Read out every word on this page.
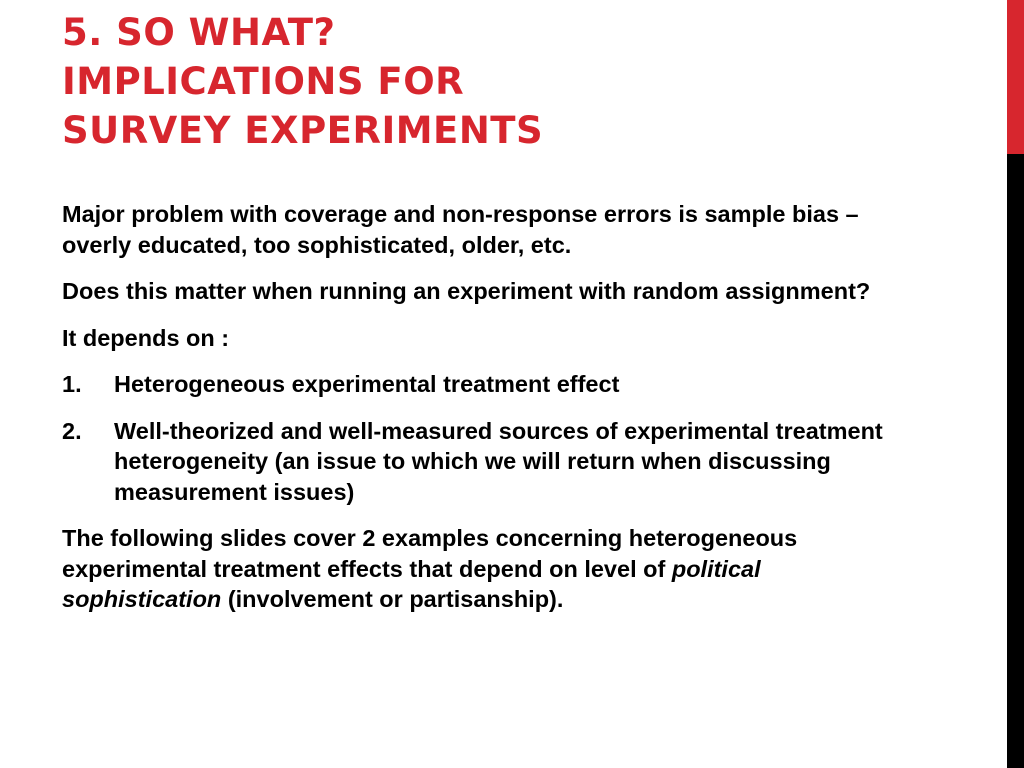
5. SO WHAT?
IMPLICATIONS FOR
SURVEY EXPERIMENTS

Major problem with coverage and non-response errors is sample bias – overly educated, too sophisticated, older, etc.

Does this matter when running an experiment with random assignment?

It depends on :

1. Heterogeneous experimental treatment effect
2. Well-theorized and well-measured sources of experimental treatment heterogeneity (an issue to which we will return when discussing measurement issues)

The following slides cover 2 examples concerning heterogeneous experimental treatment effects that depend on level of political sophistication (involvement or partisanship).
